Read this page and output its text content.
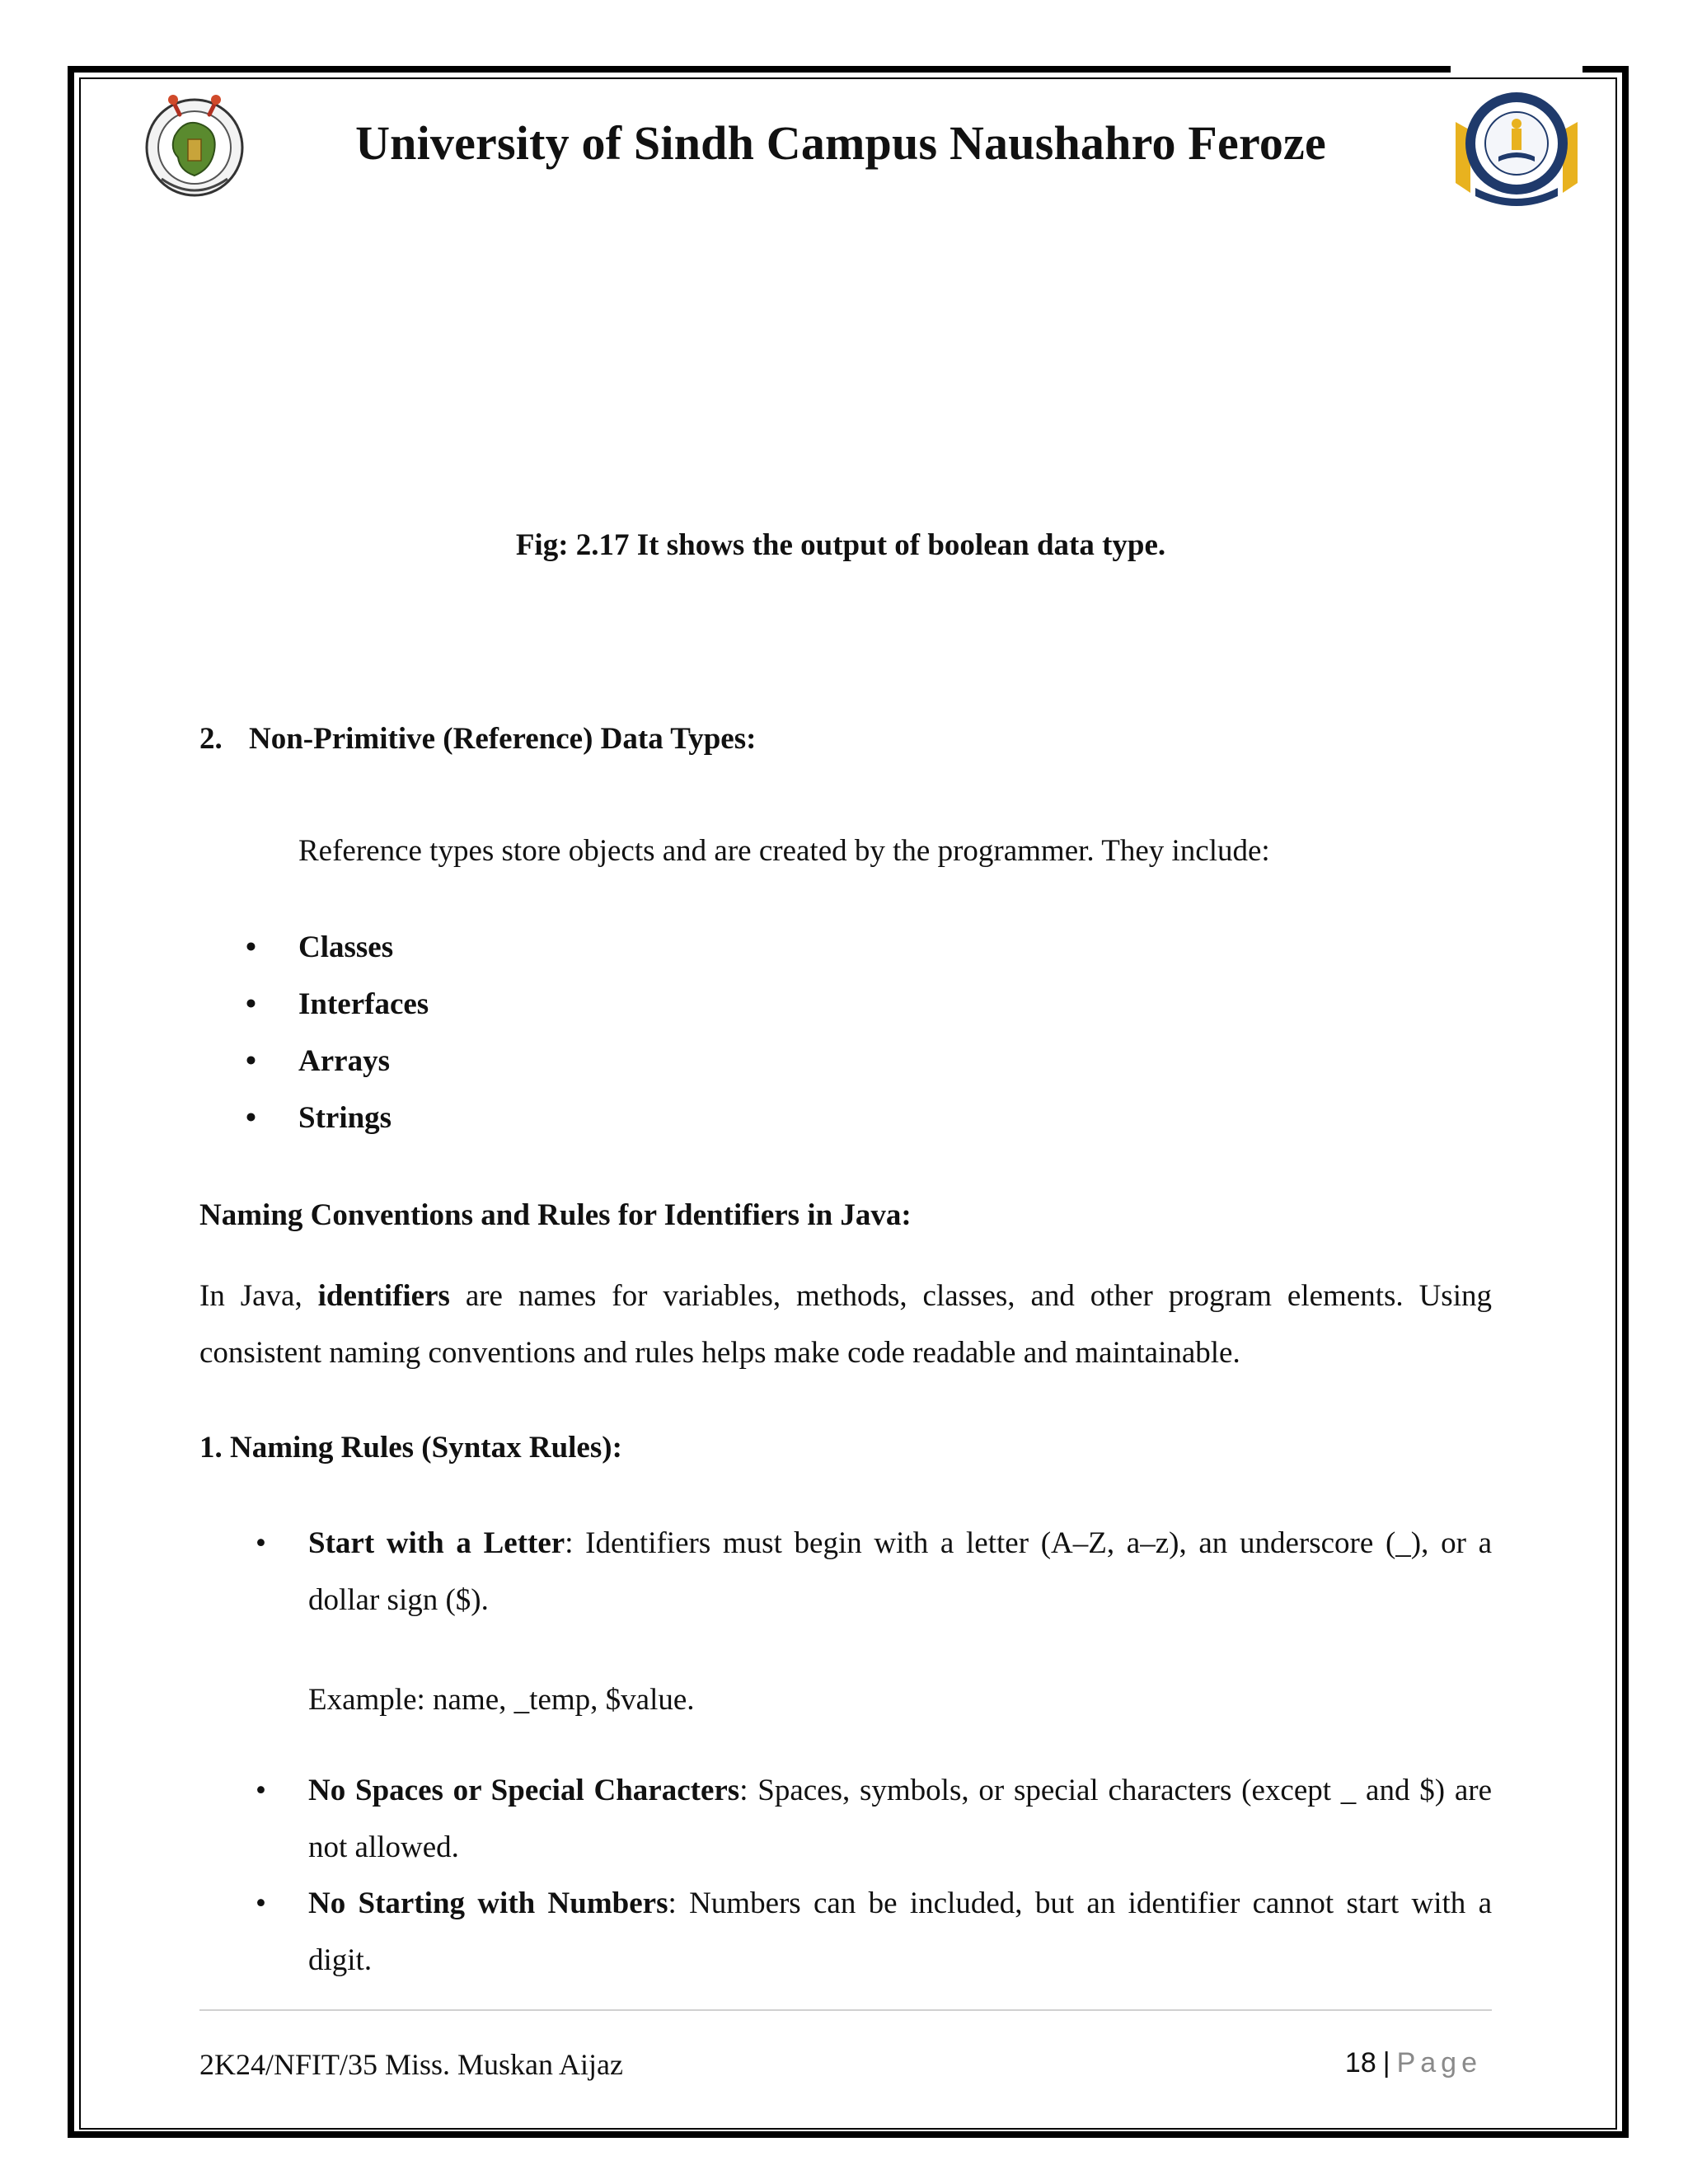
University of Sindh Campus Naushahro Feroze
Fig: 2.17 It shows the output of boolean data type.
2. Non-Primitive (Reference) Data Types:
Reference types store objects and are created by the programmer. They include:
• Classes
• Interfaces
• Arrays
• Strings
Naming Conventions and Rules for Identifiers in Java:
In Java, identifiers are names for variables, methods, classes, and other program elements. Using consistent naming conventions and rules helps make code readable and maintainable.
1. Naming Rules (Syntax Rules):
• Start with a Letter: Identifiers must begin with a letter (A–Z, a–z), an underscore (_), or a dollar sign ($).
Example: name, _temp, $value.
• No Spaces or Special Characters: Spaces, symbols, or special characters (except _ and $) are not allowed.
• No Starting with Numbers: Numbers can be included, but an identifier cannot start with a digit.
2K24/NFIT/35 Miss. Muskan Aijaz	18 | Page
